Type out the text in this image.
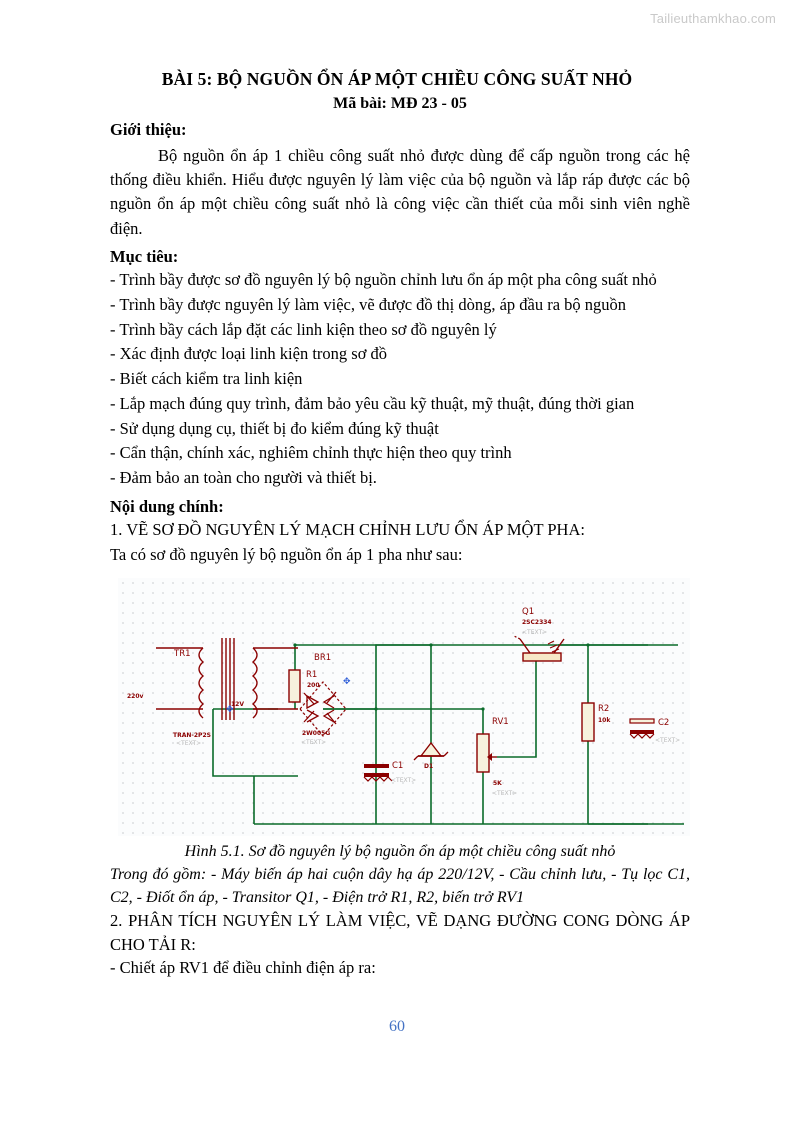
Tailieuthamkhao.com
BÀI 5: BỘ NGUỒN ỔN ÁP MỘT CHIỀU CÔNG SUẤT NHỎ
Mã bài: MĐ 23 - 05
Giới thiệu:
Bộ nguồn ổn áp 1 chiều công suất nhỏ được dùng để cấp nguồn trong các hệ thống điều khiển. Hiểu được nguyên lý làm việc của bộ nguồn và lắp ráp được các bộ nguồn ổn áp một chiều công suất nhỏ là công việc cần thiết của mỗi sinh viên nghề điện.
Mục tiêu:
- Trình bầy được sơ đồ nguyên lý bộ nguồn chỉnh lưu ổn áp một pha công suất nhỏ
- Trình bầy được nguyên lý làm việc, vẽ được đồ thị dòng, áp đầu ra bộ nguồn
- Trình bầy cách lắp đặt các linh kiện theo sơ đồ nguyên lý
- Xác định được loại linh kiện trong sơ đồ
- Biết cách kiểm tra linh kiện
- Lắp mạch đúng quy trình, đảm bảo yêu cầu kỹ thuật, mỹ thuật, đúng thời gian
- Sử dụng dụng cụ, thiết bị đo kiểm đúng kỹ thuật
- Cẩn thận, chính xác, nghiêm chỉnh thực hiện theo quy trình
- Đảm bảo an toàn cho người và thiết bị.
Nội dung chính:
1. VẼ SƠ ĐỒ NGUYÊN LÝ MẠCH CHỈNH LƯU ỔN ÁP MỘT PHA:
Ta có sơ đồ nguyên lý bộ nguồn ổn áp 1 pha như sau:
TR1
220v
12V
TRAN-2P2S
<TEXT>
BR1
2W005G
<TEXT>
C1
<TEXT>
R1
200
D1
RV1
5K
<TEXT>
Q1
2SC2334
<TEXT>
R2
10k	C2
<TEXT>
✥
✥
Hình 5.1. Sơ đồ nguyên lý bộ nguồn ổn áp một chiều công suất nhỏ
Trong đó gồm: - Máy biến áp hai cuộn dây hạ áp 220/12V, - Cầu chỉnh lưu, - Tụ lọc C1, C2, - Điốt ổn áp, - Transitor Q1, - Điện trở R1, R2, biến trở RV1
2. PHÂN TÍCH NGUYÊN LÝ LÀM VIỆC, VẼ DẠNG ĐƯỜNG CONG DÒNG ÁP CHO TẢI R:
- Chiết áp RV1 để điều chỉnh điện áp ra:
60
